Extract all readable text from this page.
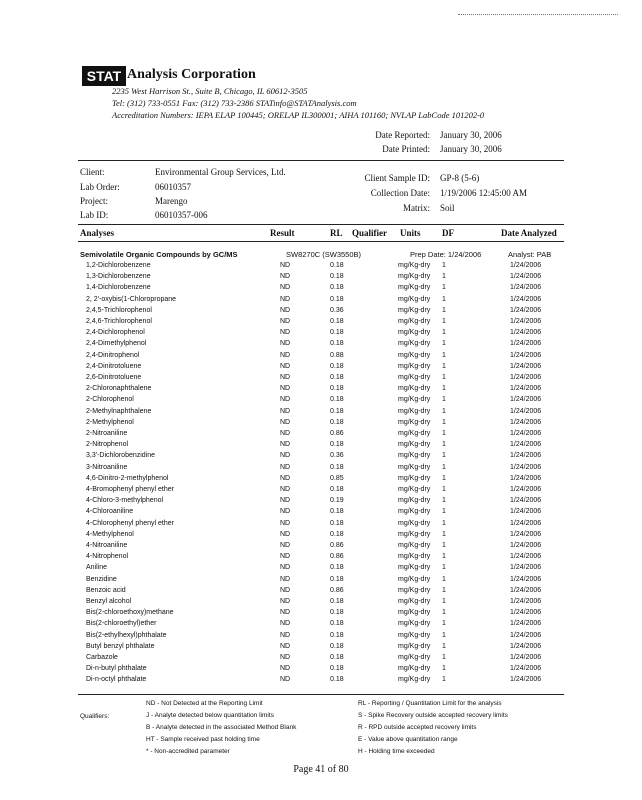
STAT Analysis Corporation
2235 West Harrison St., Suite B, Chicago, IL 60612-3505
Tel: (312) 733-0551 Fax: (312) 733-2386 STATinfo@STATAnalysis.com
Accreditation Numbers: IEPA ELAP 100445; ORELAP IL300001; AIHA 101160; NVLAP LabCode 101202-0
Date Reported: January 30, 2006
Date Printed: January 30, 2006
Client:	Environmental Group Services, Ltd.
Lab Order:	06010357
Project:	Marengo
Lab ID:	06010357-006
Client Sample ID: GP-8 (5-6)
Collection Date: 1/19/2006 12:45:00 AM
Matrix: Soil
Analyses	Result	RL Qualifier Units DF	Date Analyzed
Semivolatile Organic Compounds by GC/MS	SW8270C (SW3550B)	Prep Date: 1/24/2006	Analyst: PAB
1,2-Dichlorobenzene	ND	0.18	mg/Kg-dry 1	1/24/2006
1,3-Dichlorobenzene	ND	0.18	mg/Kg-dry 1	1/24/2006
1,4-Dichlorobenzene	ND	0.18	mg/Kg-dry 1	1/24/2006
2, 2'-oxybis(1-Chloropropane	ND	0.18	mg/Kg-dry 1	1/24/2006
2,4,5-Trichlorophenol	ND	0.36	mg/Kg-dry 1	1/24/2006
2,4,6-Trichlorophenol	ND	0.18	mg/Kg-dry 1	1/24/2006
2,4-Dichlorophenol	ND	0.18	mg/Kg-dry 1	1/24/2006
2,4-Dimethylphenol	ND	0.18	mg/Kg-dry 1	1/24/2006
2,4-Dinitrophenol	ND	0.88	mg/Kg-dry 1	1/24/2006
2,4-Dinitrotoluene	ND	0.18	mg/Kg-dry 1	1/24/2006
2,6-Dinitrotoluene	ND	0.18	mg/Kg-dry 1	1/24/2006
2-Chloronaphthalene	ND	0.18	mg/Kg-dry 1	1/24/2006
2-Chlorophenol	ND	0.18	mg/Kg-dry 1	1/24/2006
2-Methylnaphthalene	ND	0.18	mg/Kg-dry 1	1/24/2006
2-Methylphenol	ND	0.18	mg/Kg-dry 1	1/24/2006
2-Nitroaniline	ND	0.86	mg/Kg-dry 1	1/24/2006
2-Nitrophenol	ND	0.18	mg/Kg-dry 1	1/24/2006
3,3'-Dichlorobenzidine	ND	0.36	mg/Kg-dry 1	1/24/2006
3-Nitroaniline	ND	0.18	mg/Kg-dry 1	1/24/2006
4,6-Dinitro-2-methylphenol	ND	0.85	mg/Kg-dry 1	1/24/2006
4-Bromophenyl phenyl ether	ND	0.18	mg/Kg-dry 1	1/24/2006
4-Chloro-3-methylphenol	ND	0.19	mg/Kg-dry 1	1/24/2006
4-Chloroaniline	ND	0.18	mg/Kg-dry 1	1/24/2006
4-Chlorophenyl phenyl ether	ND	0.18	mg/Kg-dry 1	1/24/2006
4-Methylphenol	ND	0.18	mg/Kg-dry 1	1/24/2006
4-Nitroaniline	ND	0.86	mg/Kg-dry 1	1/24/2006
4-Nitrophenol	ND	0.86	mg/Kg-dry 1	1/24/2006
Aniline	ND	0.18	mg/Kg-dry 1	1/24/2006
Benzidine	ND	0.18	mg/Kg-dry 1	1/24/2006
Benzoic acid	ND	0.86	mg/Kg-dry 1	1/24/2006
Benzyl alcohol	ND	0.18	mg/Kg-dry 1	1/24/2006
Bis(2-chloroethoxy)methane	ND	0.18	mg/Kg-dry 1	1/24/2006
Bis(2-chloroethyl)ether	ND	0.18	mg/Kg-dry 1	1/24/2006
Bis(2-ethylhexyl)phthalate	ND	0.18	mg/Kg-dry 1	1/24/2006
Butyl benzyl phthalate	ND	0.18	mg/Kg-dry 1	1/24/2006
Carbazole	ND	0.18	mg/Kg-dry 1	1/24/2006
Di-n-butyl phthalate	ND	0.18	mg/Kg-dry 1	1/24/2006
Di-n-octyl phthalate	ND	0.18	mg/Kg-dry 1	1/24/2006
Qualifiers:
ND - Not Detected at the Reporting Limit
J - Analyte detected below quantitation limits
B - Analyte detected in the associated Method Blank
HT - Sample received past holding time
* - Non-accredited parameter
RL - Reporting / Quantitation Limit for the analysis
S - Spike Recovery outside accepted recovery limits
R - RPD outside accepted recovery limits
E - Value above quantitation range
H - Holding time exceeded
Page 41 of 80
